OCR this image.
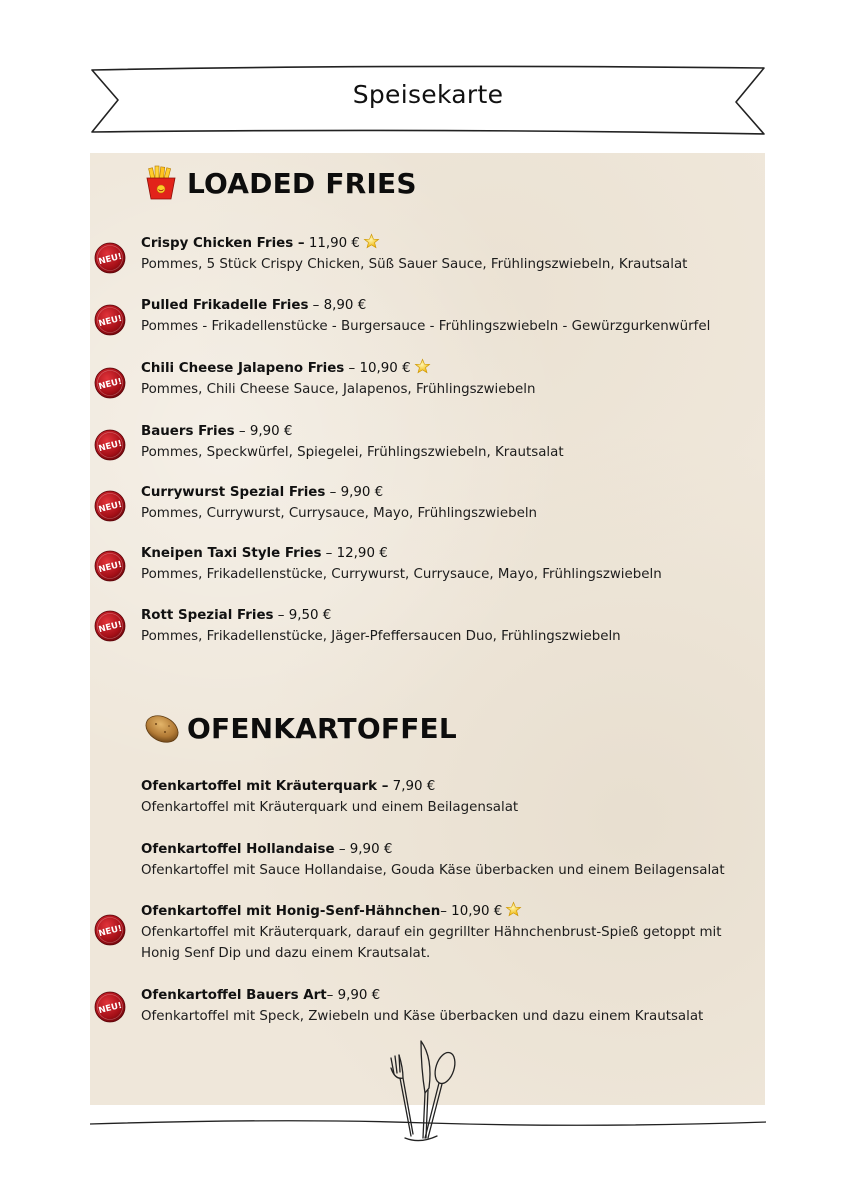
Speisekarte
LOADED FRIES
NEU!
Crispy Chicken Fries – 11,90 €
Pommes, 5 Stück Crispy Chicken, Süß Sauer Sauce, Frühlingszwiebeln, Krautsalat
NEU!
Pulled Frikadelle Fries – 8,90 €
Pommes - Frikadellenstücke - Burgersauce - Frühlingszwiebeln - Gewürzgurkenwürfel
NEU!
Chili Cheese Jalapeno Fries – 10,90 €
Pommes, Chili Cheese Sauce, Jalapenos, Frühlingszwiebeln
NEU!
Bauers Fries – 9,90 €
Pommes, Speckwürfel, Spiegelei, Frühlingszwiebeln, Krautsalat
NEU!
Currywurst Spezial Fries – 9,90 €
Pommes, Currywurst, Currysauce, Mayo, Frühlingszwiebeln
NEU!
Kneipen Taxi Style Fries – 12,90 €
Pommes, Frikadellenstücke, Currywurst, Currysauce, Mayo, Frühlingszwiebeln
NEU!
Rott Spezial Fries – 9,50 €
Pommes, Frikadellenstücke, Jäger-Pfeffersaucen Duo, Frühlingszwiebeln
OFENKARTOFFEL
Ofenkartoffel mit Kräuterquark – 7,90 €
Ofenkartoffel mit Kräuterquark und einem Beilagensalat
Ofenkartoffel Hollandaise – 9,90 €
Ofenkartoffel mit Sauce Hollandaise, Gouda Käse überbacken und einem Beilagensalat
NEU!
Ofenkartoffel mit Honig-Senf-Hähnchen– 10,90 €
Ofenkartoffel mit Kräuterquark, darauf ein gegrillter Hähnchenbrust-Spieß getoppt mit Honig Senf Dip und dazu einem Krautsalat.
NEU!
Ofenkartoffel Bauers Art– 9,90 €
Ofenkartoffel mit Speck, Zwiebeln und Käse überbacken und dazu einem Krautsalat
